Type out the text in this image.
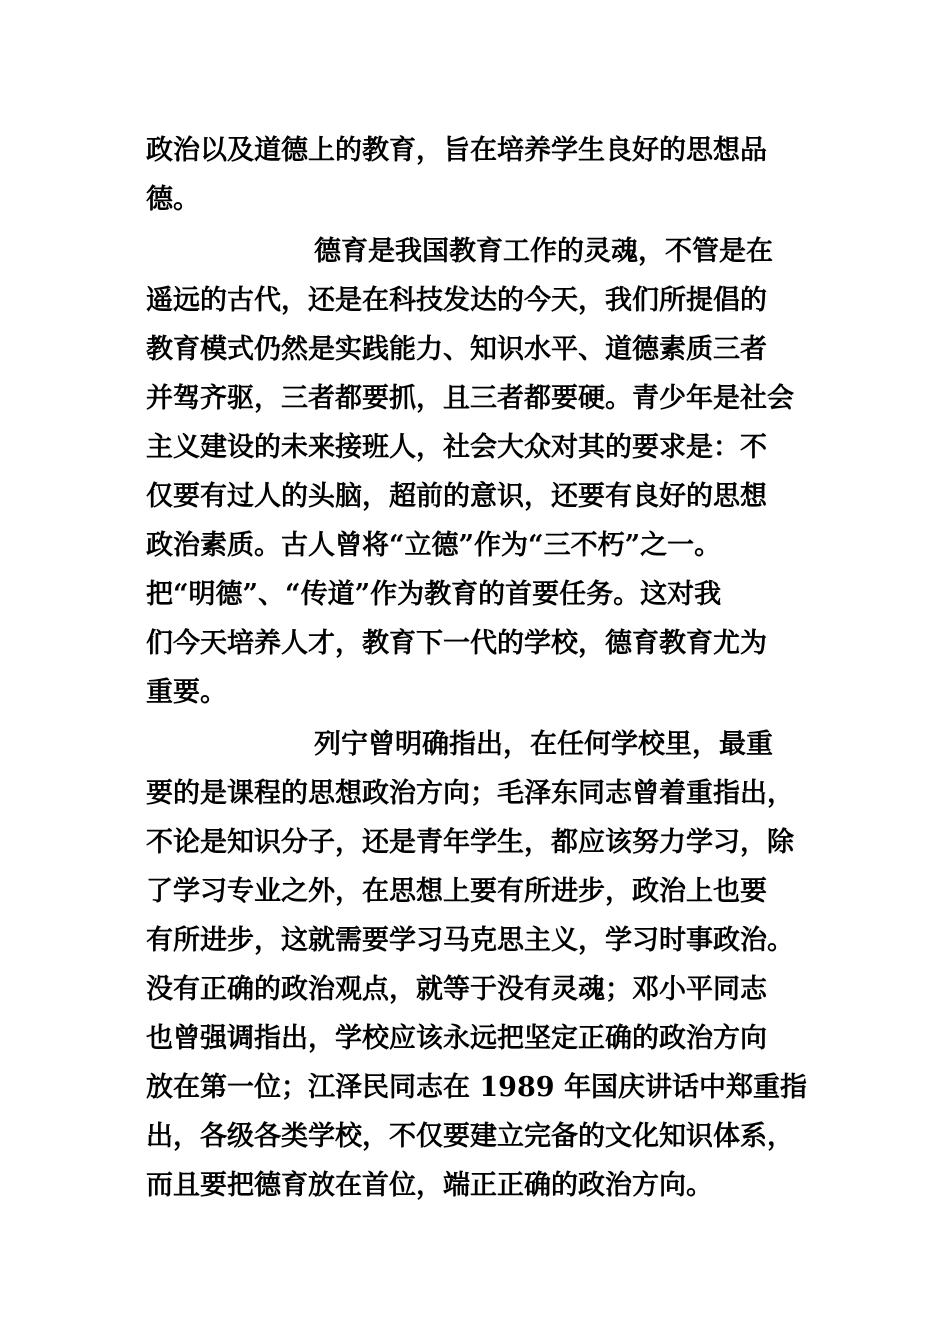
政治以及道德上的教育，旨在培养学生良好的思想品
德。
德育是我国教育工作的灵魂，不管是在
遥远的古代，还是在科技发达的今天，我们所提倡的
教育模式仍然是实践能力、知识水平、道德素质三者
并驾齐驱，三者都要抓，且三者都要硬。青少年是社会
主义建设的未来接班人，社会大众对其的要求是：不
仅要有过人的头脑，超前的意识，还要有良好的思想
政治素质。古人曾将“立德”作为“三不朽”之一。
把“明德”、“传道”作为教育的首要任务。这对我
们今天培养人才，教育下一代的学校，德育教育尤为
重要。
列宁曾明确指出，在任何学校里，最重
要的是课程的思想政治方向；毛泽东同志曾着重指出，
不论是知识分子，还是青年学生，都应该努力学习，除
了学习专业之外，在思想上要有所进步，政治上也要
有所进步，这就需要学习马克思主义，学习时事政治。
没有正确的政治观点，就等于没有灵魂；邓小平同志
也曾强调指出，学校应该永远把坚定正确的政治方向
放在第一位；江泽民同志在 1989 年国庆讲话中郑重指
出，各级各类学校，不仅要建立完备的文化知识体系，
而且要把德育放在首位，端正正确的政治方向。
